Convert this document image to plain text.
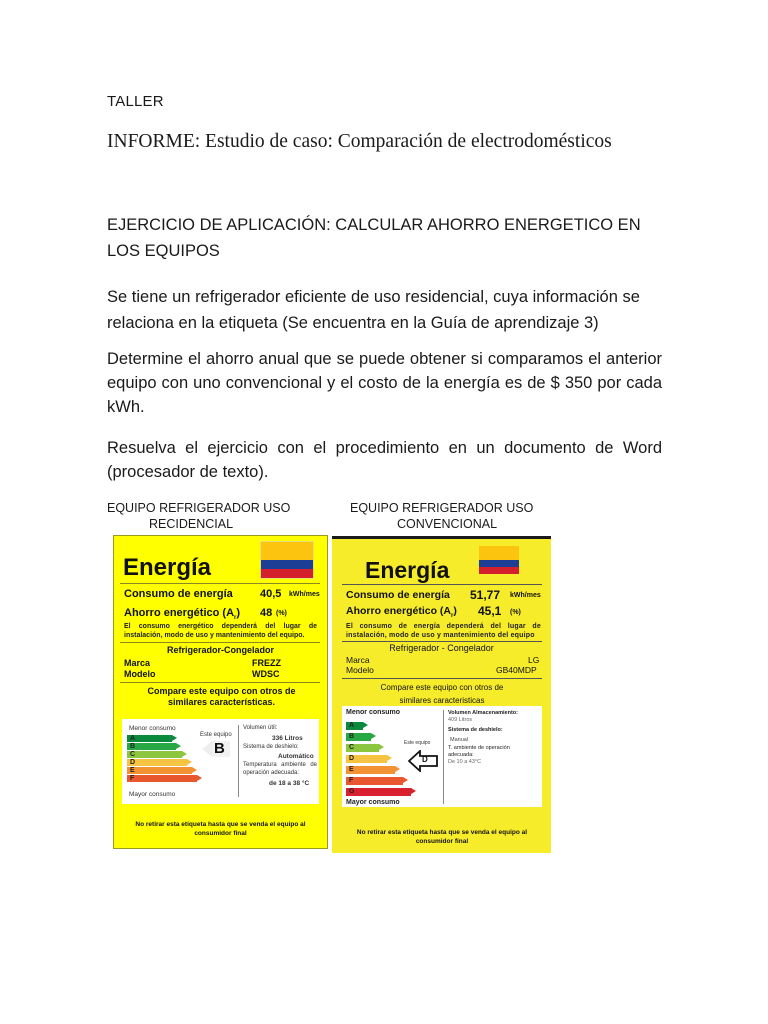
TALLER
INFORME: Estudio de caso: Comparación de electrodomésticos
EJERCICIO DE APLICACIÓN: CALCULAR AHORRO ENERGETICO EN LOS EQUIPOS
Se tiene un refrigerador eficiente de uso residencial, cuya información se relaciona en la etiqueta (Se encuentra en la Guía de aprendizaje 3)
Determine el ahorro anual que se puede obtener si comparamos el anterior equipo con uno convencional y el costo de la energía es de $ 350 por cada kWh.
Resuelva el ejercicio con el procedimiento en un documento de Word (procesador de texto).
EQUIPO REFRIGERADOR USO
RECIDENCIAL
EQUIPO REFRIGERADOR USO
CONVENCIONAL
Energía
Consumo de energía 40,5 kWh/mes
Ahorro energético $(A_r)$ 48 (%)
El consumo energético dependerá del lugar de instalación, modo de uso y mantenimiento del equipo.
Refrigerador-Congelador
Marca	FREZZ
Modelo	WDSC
Compare este equipo con otros de similares características.
Menor consumo
A
B
C
D
E
F
Mayor consumo
Este equipo
B
Volumen útil:
336 Litros
Sistema de deshielo:
Automático
Temperatura ambiente de operación adecuada:
de 18 a 38 °C
No retirar esta etiqueta hasta que se venda el equipo al consumidor final
Energía
Consumo de energía 51,77 kWh/mes
Ahorro energético $(A_r)$ 45,1 (%)
El consumo de energía dependerá del lugar de instalación, modo de uso y mantenimiento del equipo
Refrigerador - Congelador
Marca	LG
Modelo	GB40MDP
Compare este equipo con otros de similares caracteristicas
Menor consumo
A
B
C
D
E
F
G
Mayor consumo
Este equipo
D
Volumen Almacenamiento:
409 Litros
Sistema de deshielo:
Manual
T. ambiente de operación adecuada:
De 10 a 43°C
No retirar esta etiqueta hasta que se venda el equipo al consumidor final
